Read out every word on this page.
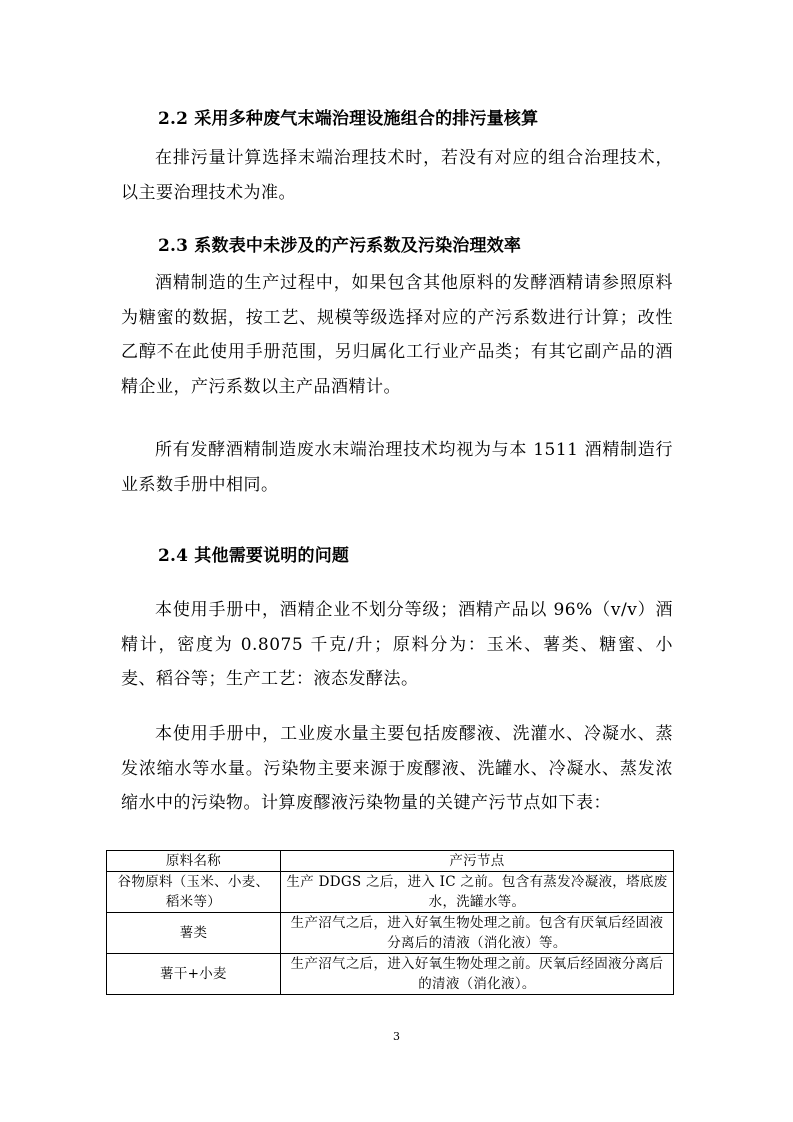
2.2 采用多种废气末端治理设施组合的排污量核算
在排污量计算选择末端治理技术时，若没有对应的组合治理技术，以主要治理技术为准。
2.3 系数表中未涉及的产污系数及污染治理效率
酒精制造的生产过程中，如果包含其他原料的发酵酒精请参照原料为糖蜜的数据，按工艺、规模等级选择对应的产污系数进行计算；改性乙醇不在此使用手册范围，另归属化工行业产品类；有其它副产品的酒精企业，产污系数以主产品酒精计。
所有发酵酒精制造废水末端治理技术均视为与本 1511 酒精制造行业系数手册中相同。
2.4 其他需要说明的问题
本使用手册中，酒精企业不划分等级；酒精产品以 96%（v/v）酒精计，密度为 0.8075 千克/升；原料分为：玉米、薯类、糖蜜、小麦、稻谷等；生产工艺：液态发酵法。
本使用手册中，工业废水量主要包括废醪液、洗灌水、冷凝水、蒸发浓缩水等水量。污染物主要来源于废醪液、洗罐水、冷凝水、蒸发浓缩水中的污染物。计算废醪液污染物量的关键产污节点如下表：
原料名称	产污节点
谷物原料（玉米、小麦、稻米等）	生产 DDGS 之后，进入 IC 之前。包含有蒸发冷凝液，塔底废水，洗罐水等。
薯类	生产沼气之后，进入好氧生物处理之前。包含有厌氧后经固液分离后的清液（消化液）等。
薯干+小麦	生产沼气之后，进入好氧生物处理之前。厌氧后经固液分离后的清液（消化液）。
3
